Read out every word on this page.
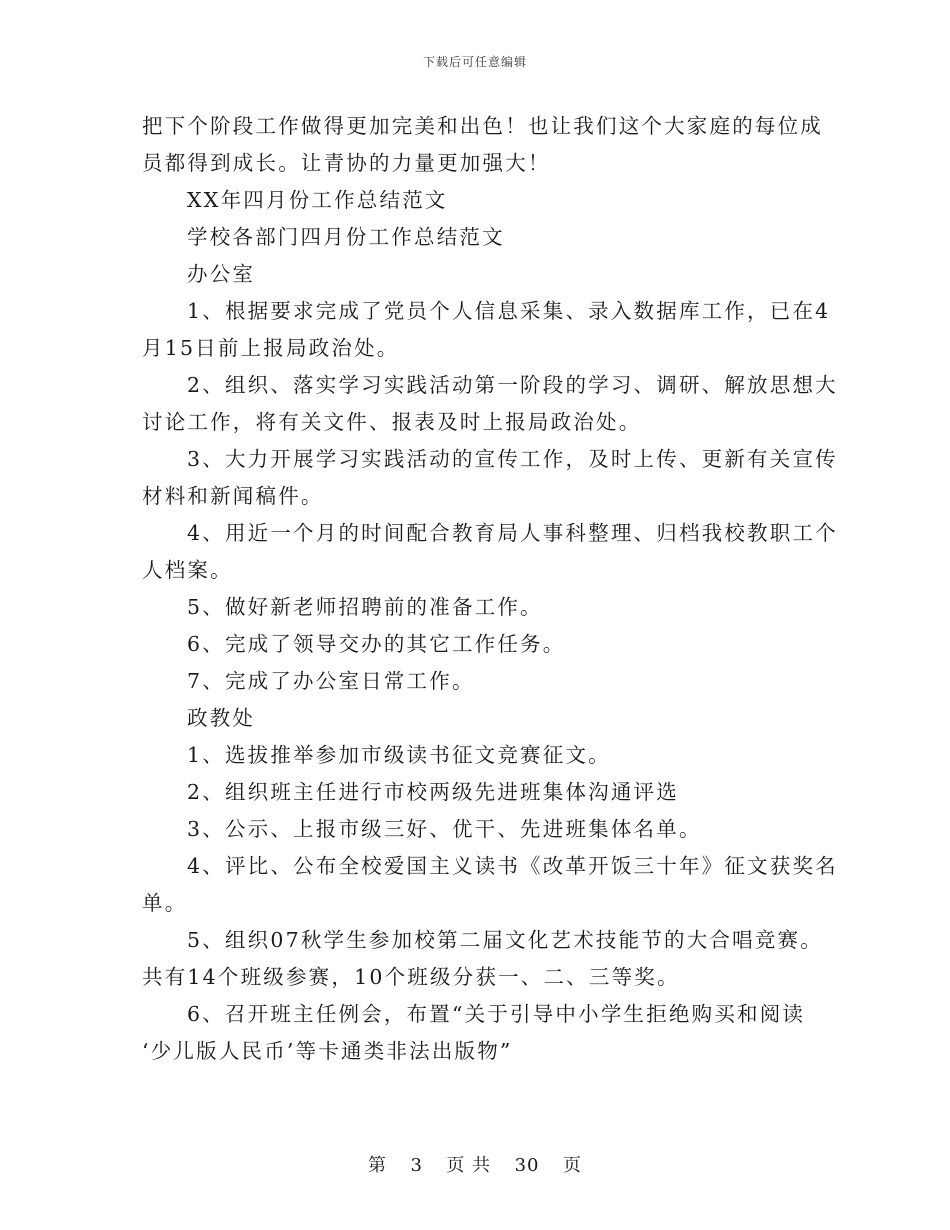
下载后可任意编辑

把下个阶段工作做得更加完美和出色！也让我们这个大家庭的每位成

员都得到成长。让青协的力量更加强大！

XX年四月份工作总结范文

学校各部门四月份工作总结范文

办公室

1、根据要求完成了党员个人信息采集、录入数据库工作，已在4

月15日前上报局政治处。

2、组织、落实学习实践活动第一阶段的学习、调研、解放思想大

讨论工作，将有关文件、报表及时上报局政治处。

3、大力开展学习实践活动的宣传工作，及时上传、更新有关宣传

材料和新闻稿件。

4、用近一个月的时间配合教育局人事科整理、归档我校教职工个

人档案。

5、做好新老师招聘前的准备工作。

6、完成了领导交办的其它工作任务。

7、完成了办公室日常工作。

政教处

1、选拔推举参加市级读书征文竞赛征文。

2、组织班主任进行市校两级先进班集体沟通评选

3、公示、上报市级三好、优干、先进班集体名单。

4、评比、公布全校爱国主义读书《改革开饭三十年》征文获奖名

单。

5、组织07秋学生参加校第二届文化艺术技能节的大合唱竞赛。

共有14个班级参赛，10个班级分获一、二、三等奖。

6、召开班主任例会，布置“关于引导中小学生拒绝购买和阅读

‘少儿版人民币’等卡通类非法出版物”

第 3 页 共 30 页
